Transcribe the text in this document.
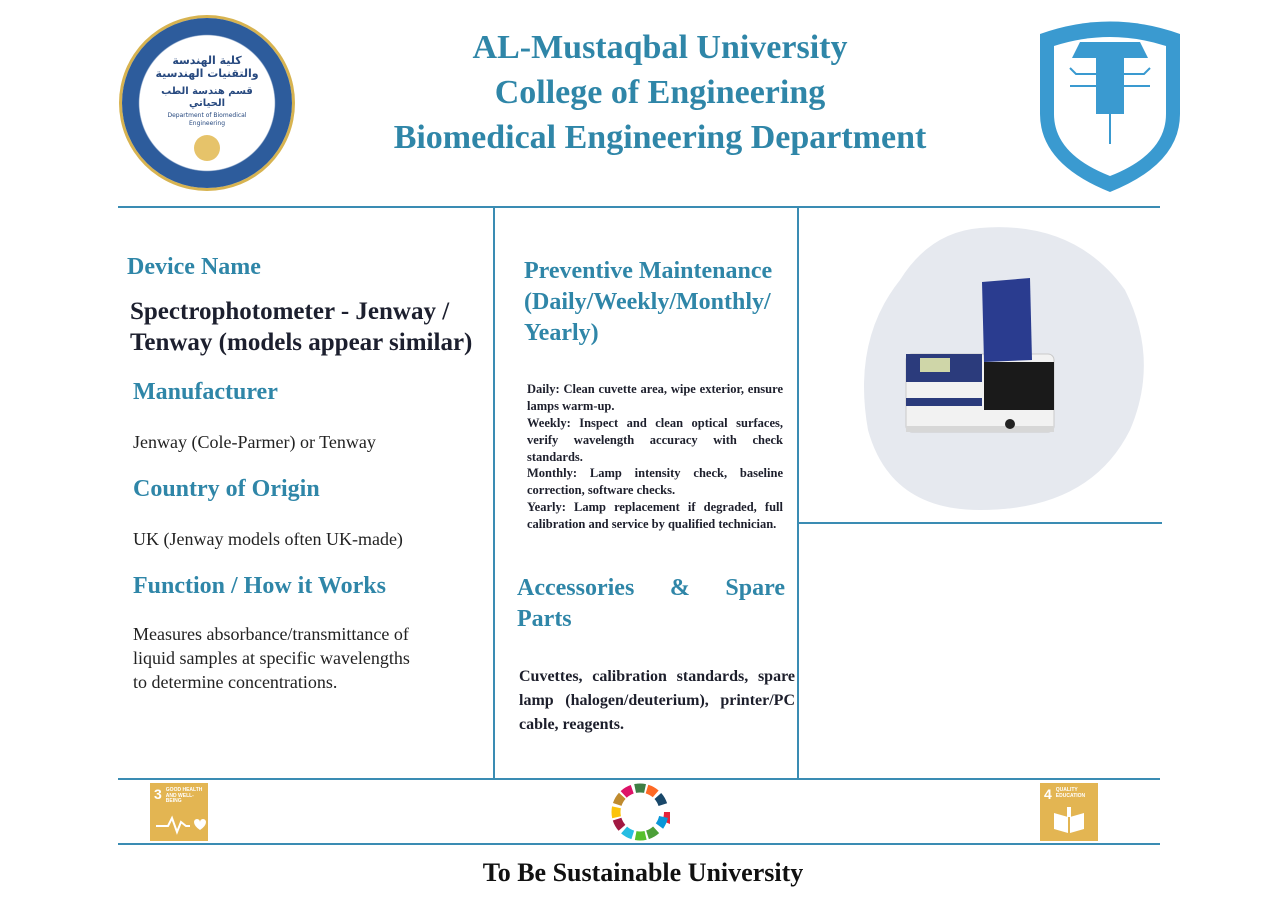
كلية الهندسة والتقنيات الهندسية
قسم هندسة الطب الحياتي
Department of Biomedical Engineering
AL-Mustaqbal University
College of Engineering
Biomedical Engineering Department
Device Name
Spectrophotometer - Jenway / Tenway (models appear similar)
Manufacturer
Jenway (Cole-Parmer) or Tenway
Country of Origin
UK (Jenway models often UK-made)
Function / How it Works
Measures absorbance/transmittance of liquid samples at specific wavelengths to determine concentrations.
Preventive Maintenance (Daily/Weekly/Monthly/ Yearly)
Daily: Clean cuvette area, wipe exterior, ensure lamps warm-up.
Weekly: Inspect and clean optical surfaces, verify wavelength accuracy with check standards.
Monthly: Lamp intensity check, baseline correction, software checks.
Yearly: Lamp replacement if degraded, full calibration and service by qualified technician.
Accessories & Spare Parts
Cuvettes, calibration standards, spare lamp (halogen/deuterium), printer/PC cable, reagents.
3 GOOD HEALTH AND WELL-BEING	4 QUALITY EDUCATION
To Be Sustainable University
